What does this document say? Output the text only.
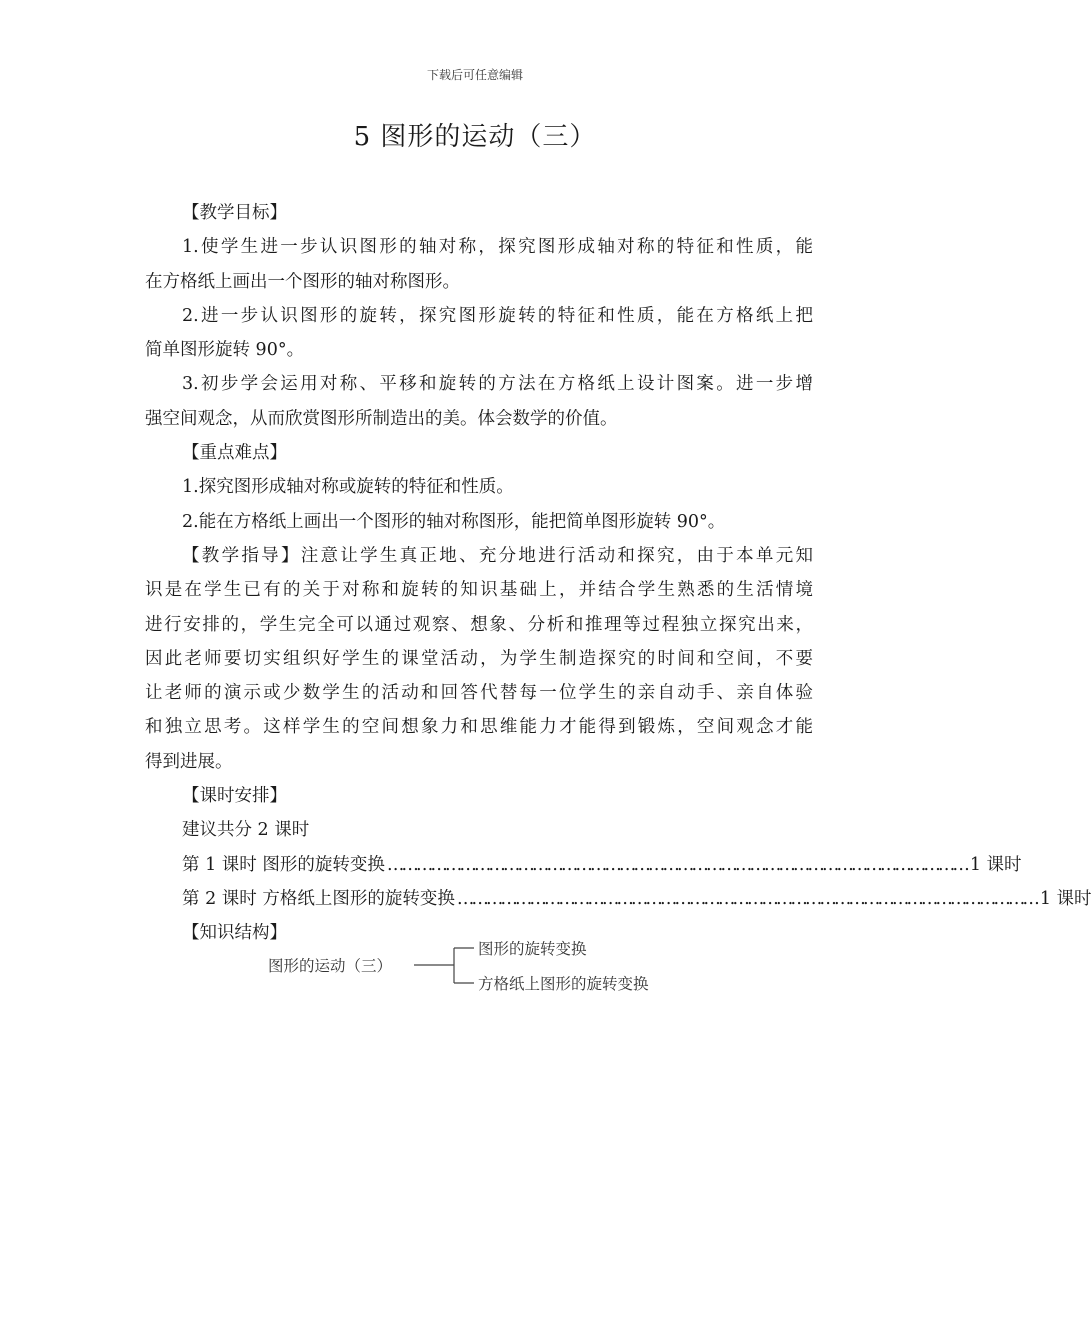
下载后可任意编辑
5 图形的运动（三）

【教学目标】

1.使学生进一步认识图形的轴对称，探究图形成轴对称的特征和性质，能

在方格纸上画出一个图形的轴对称图形。

2.进一步认识图形的旋转，探究图形旋转的特征和性质，能在方格纸上把

简单图形旋转 90°。

3.初步学会运用对称、平移和旋转的方法在方格纸上设计图案。进一步增

强空间观念，从而欣赏图形所制造出的美。体会数学的价值。

【重点难点】

1.探究图形成轴对称或旋转的特征和性质。

2.能在方格纸上画出一个图形的轴对称图形，能把简单图形旋转 90°。

【教学指导】注意让学生真正地、充分地进行活动和探究，由于本单元知

识是在学生已有的关于对称和旋转的知识基础上，并结合学生熟悉的生活情境

进行安排的，学生完全可以通过观察、想象、分析和推理等过程独立探究出来，

因此老师要切实组织好学生的课堂活动，为学生制造探究的时间和空间，不要

让老师的演示或少数学生的活动和回答代替每一位学生的亲自动手、亲自体验

和独立思考。这样学生的空间想象力和思维能力才能得到锻炼，空间观念才能

得到进展。

【课时安排】

建议共分 2 课时

第 1 课时 图形的旋转变换 ………………………………………………………………………………………………………… 1 课时
第 2 课时 方格纸上图形的旋转变换 ………………………………………………………………………………………………………… 1 课时

【知识结构】

图形的运动（三）
图形的旋转变换
方格纸上图形的旋转变换
